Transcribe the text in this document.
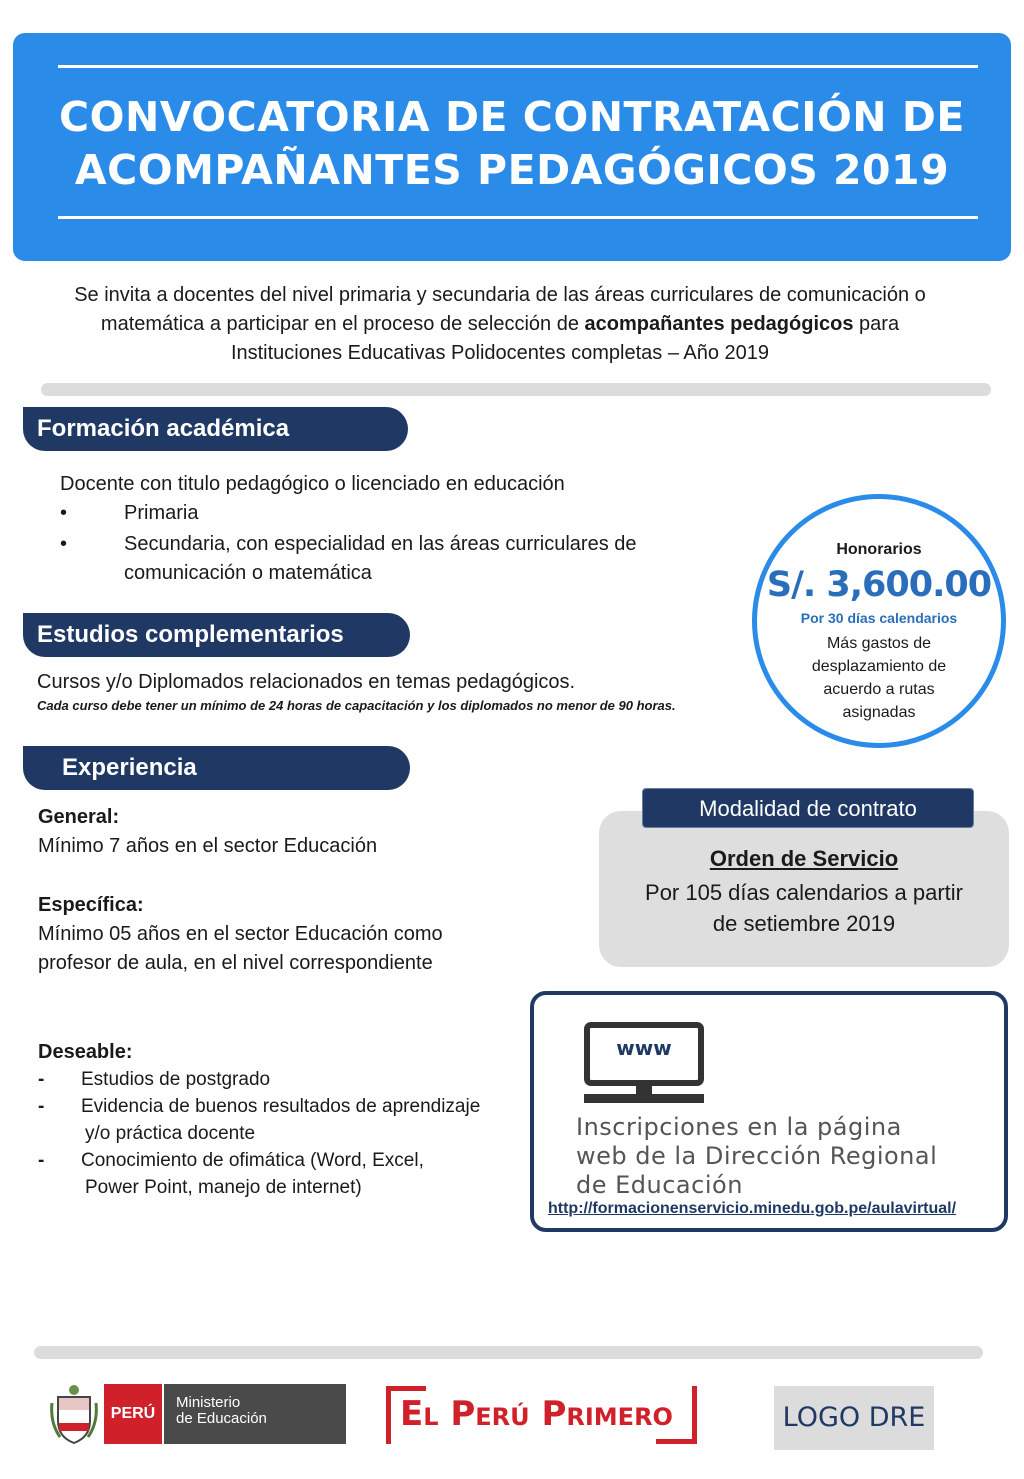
CONVOCATORIA DE CONTRATACIÓN DE
ACOMPAÑANTES PEDAGÓGICOS 2019
Se invita a docentes del nivel primaria y secundaria de las áreas curriculares de comunicación o matemática a participar en el proceso de selección de acompañantes pedagógicos para Instituciones Educativas Polidocentes completas – Año 2019
Formación académica
Docente con titulo pedagógico o licenciado en educación
•	Primaria
•	Secundaria, con especialidad en las áreas curriculares de
comunicación o matemática
Honorarios
S/. 3,600.00
Por 30 días calendarios
Más gastos de
desplazamiento de
acuerdo a rutas
asignadas
Estudios complementarios
Cursos y/o Diplomados relacionados en temas pedagógicos.
Cada curso debe tener un mínimo de 24 horas de capacitación y los diplomados no menor de 90 horas.
Experiencia
General:
Mínimo 7 años en el sector Educación
Específica:
Mínimo 05 años en el sector Educación como
profesor de aula, en el nivel correspondiente
Deseable:
- Estudios de postgrado
- Evidencia de buenos resultados de aprendizaje
y/o práctica docente
- Conocimiento de ofimática (Word, Excel,
Power Point, manejo de internet)
Orden de Servicio
Por 105 días calendarios a partir
de setiembre 2019
Modalidad de contrato
www
Inscripciones en la página
web de la Dirección Regional
de Educación
http://formacionenservicio.minedu.gob.pe/aulavirtual/
PERÚ
Ministerio
de Educación	El Perú Primero	LOGO DRE
